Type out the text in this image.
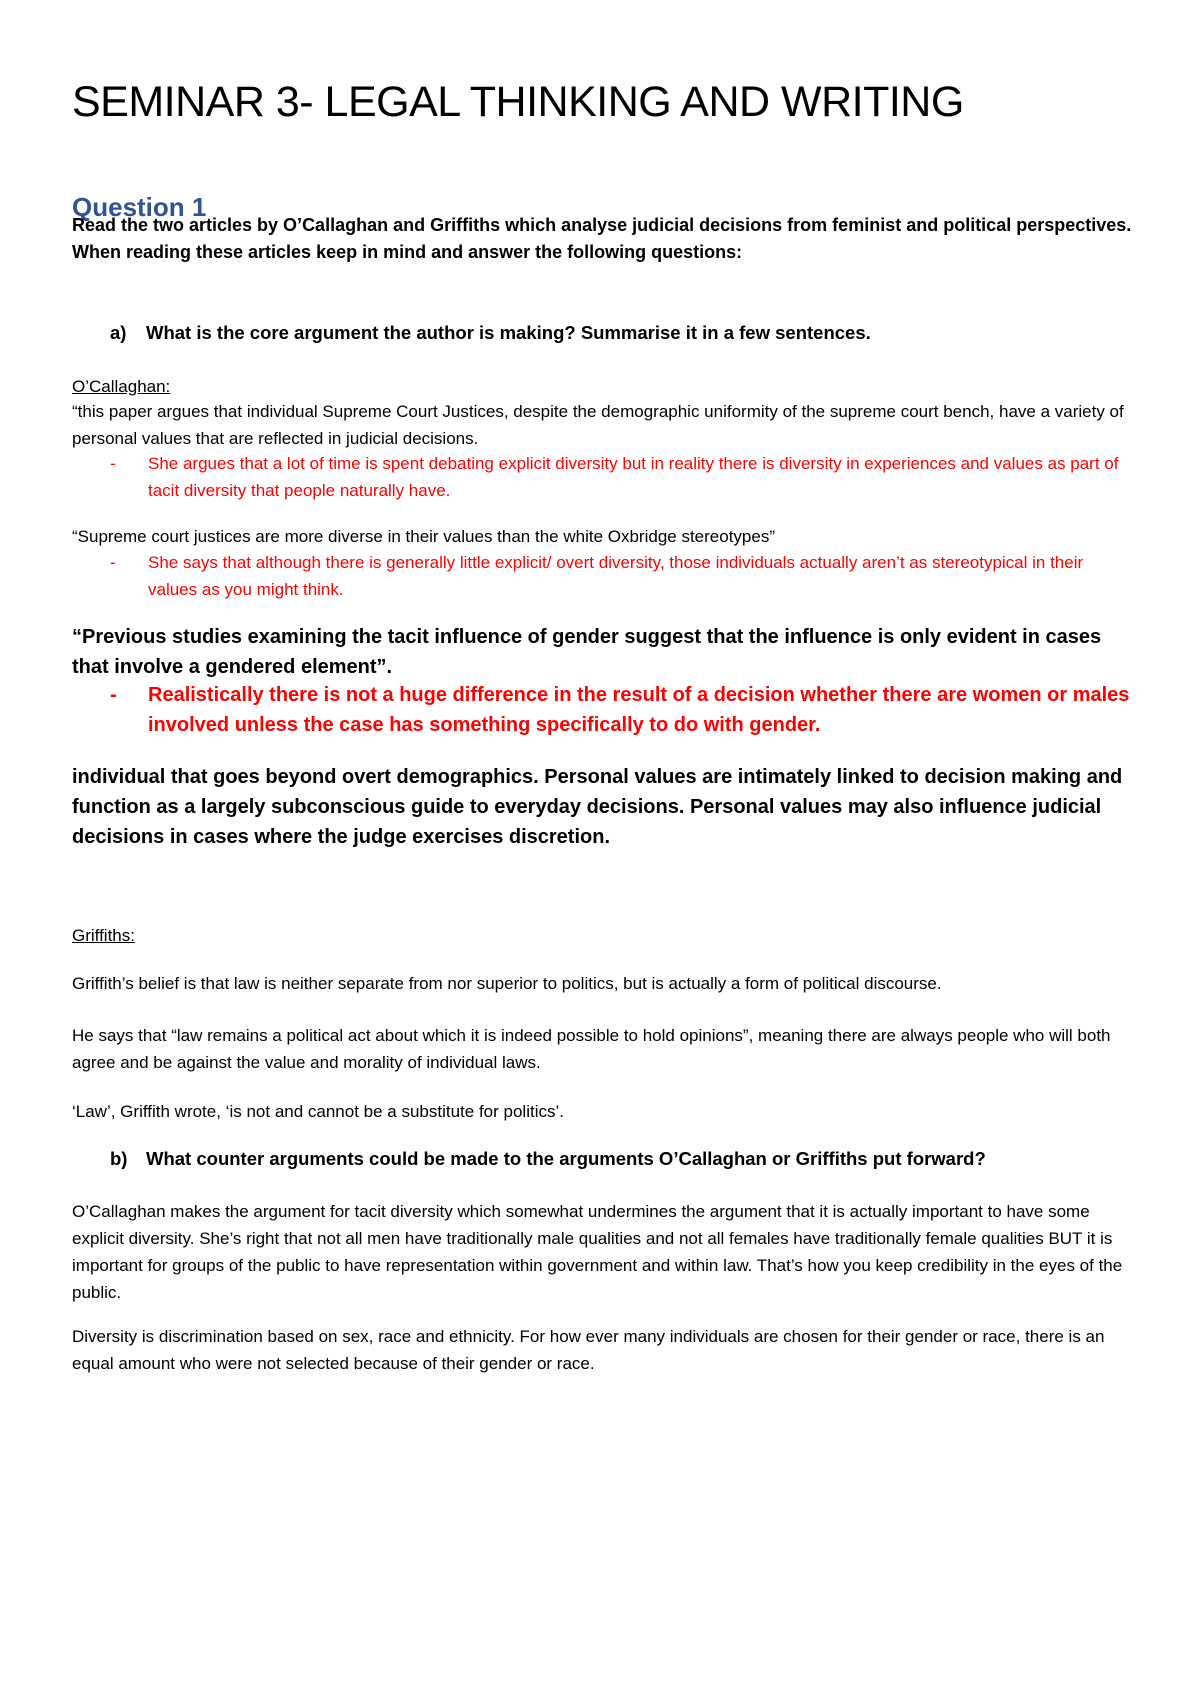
SEMINAR 3- LEGAL THINKING AND WRITING
Question 1

Read the two articles by O’Callaghan and Griffiths which analyse judicial decisions from feminist and political perspectives.
When reading these articles keep in mind and answer the following questions:

a) What is the core argument the author is making? Summarise it in a few sentences.

O’Callaghan:

“this paper argues that individual Supreme Court Justices, despite the demographic uniformity of the supreme court bench, have a variety of personal values that are reflected in judicial decisions.

- She argues that a lot of time is spent debating explicit diversity but in reality there is diversity in experiences and values as part of tacit diversity that people naturally have.

“Supreme court justices are more diverse in their values than the white Oxbridge stereotypes”

- She says that although there is generally little explicit/ overt diversity, those individuals actually aren’t as stereotypical in their values as you might think.

“Previous studies examining the tacit influence of gender suggest that the influence is only evident in cases that involve a gendered element”.

- Realistically there is not a huge difference in the result of a decision whether there are women or males involved unless the case has something specifically to do with gender.

individual that goes beyond overt demographics. Personal values are intimately linked to decision making and function as a largely subconscious guide to everyday decisions. Personal values may also influence judicial decisions in cases where the judge exercises discretion.

Griffiths:

Griffith’s belief is that law is neither separate from nor superior to politics, but is actually a form of political discourse.

He says that “law remains a political act about which it is indeed possible to hold opinions”, meaning there are always people who will both agree and be against the value and morality of individual laws.

‘Law’, Griffith wrote, ‘is not and cannot be a substitute for politics’.

b) What counter arguments could be made to the arguments O’Callaghan or Griffiths put forward?

O’Callaghan makes the argument for tacit diversity which somewhat undermines the argument that it is actually important to have some explicit diversity. She’s right that not all men have traditionally male qualities and not all females have traditionally female qualities BUT it is important for groups of the public to have representation within government and within law. That’s how you keep credibility in the eyes of the public.

Diversity is discrimination based on sex, race and ethnicity. For how ever many individuals are chosen for their gender or race, there is an equal amount who were not selected because of their gender or race.
